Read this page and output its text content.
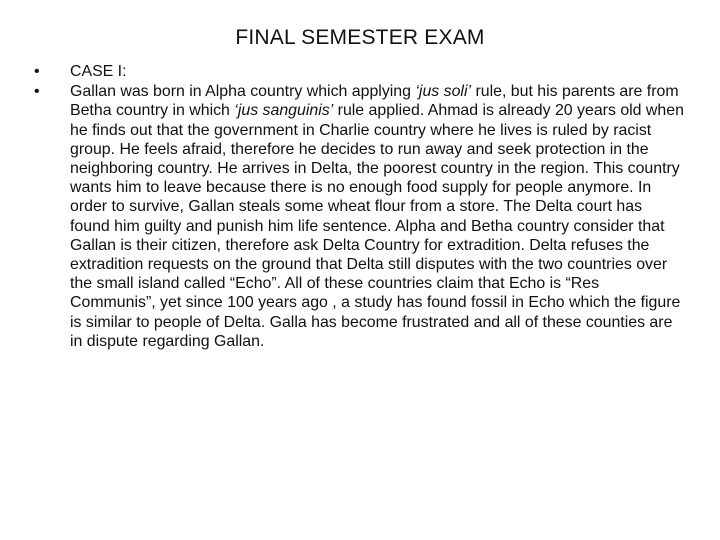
FINAL SEMESTER EXAM
• CASE I:
• Gallan was born in Alpha country which applying ‘jus soli’ rule, but his parents are from Betha country in which ‘jus sanguinis’ rule applied. Ahmad is already 20 years old when he finds out that the government in Charlie country where he lives is ruled by racist group. He feels afraid, therefore he decides to run away and seek protection in the neighboring country. He arrives in Delta, the poorest country in the region. This country wants him to leave because there is no enough food supply for people anymore. In order to survive, Gallan steals some wheat flour from a store. The Delta court has found him guilty and punish him life sentence. Alpha and Betha country consider that Gallan is their citizen, therefore ask Delta Country for extradition. Delta refuses the extradition requests on the ground that Delta still disputes with the two countries over the small island called “Echo”. All of these countries claim that Echo is “Res Communis”, yet since 100 years ago , a study has found fossil in Echo which the figure is similar to people of Delta. Galla has become frustrated and all of these counties are in dispute regarding Gallan.
